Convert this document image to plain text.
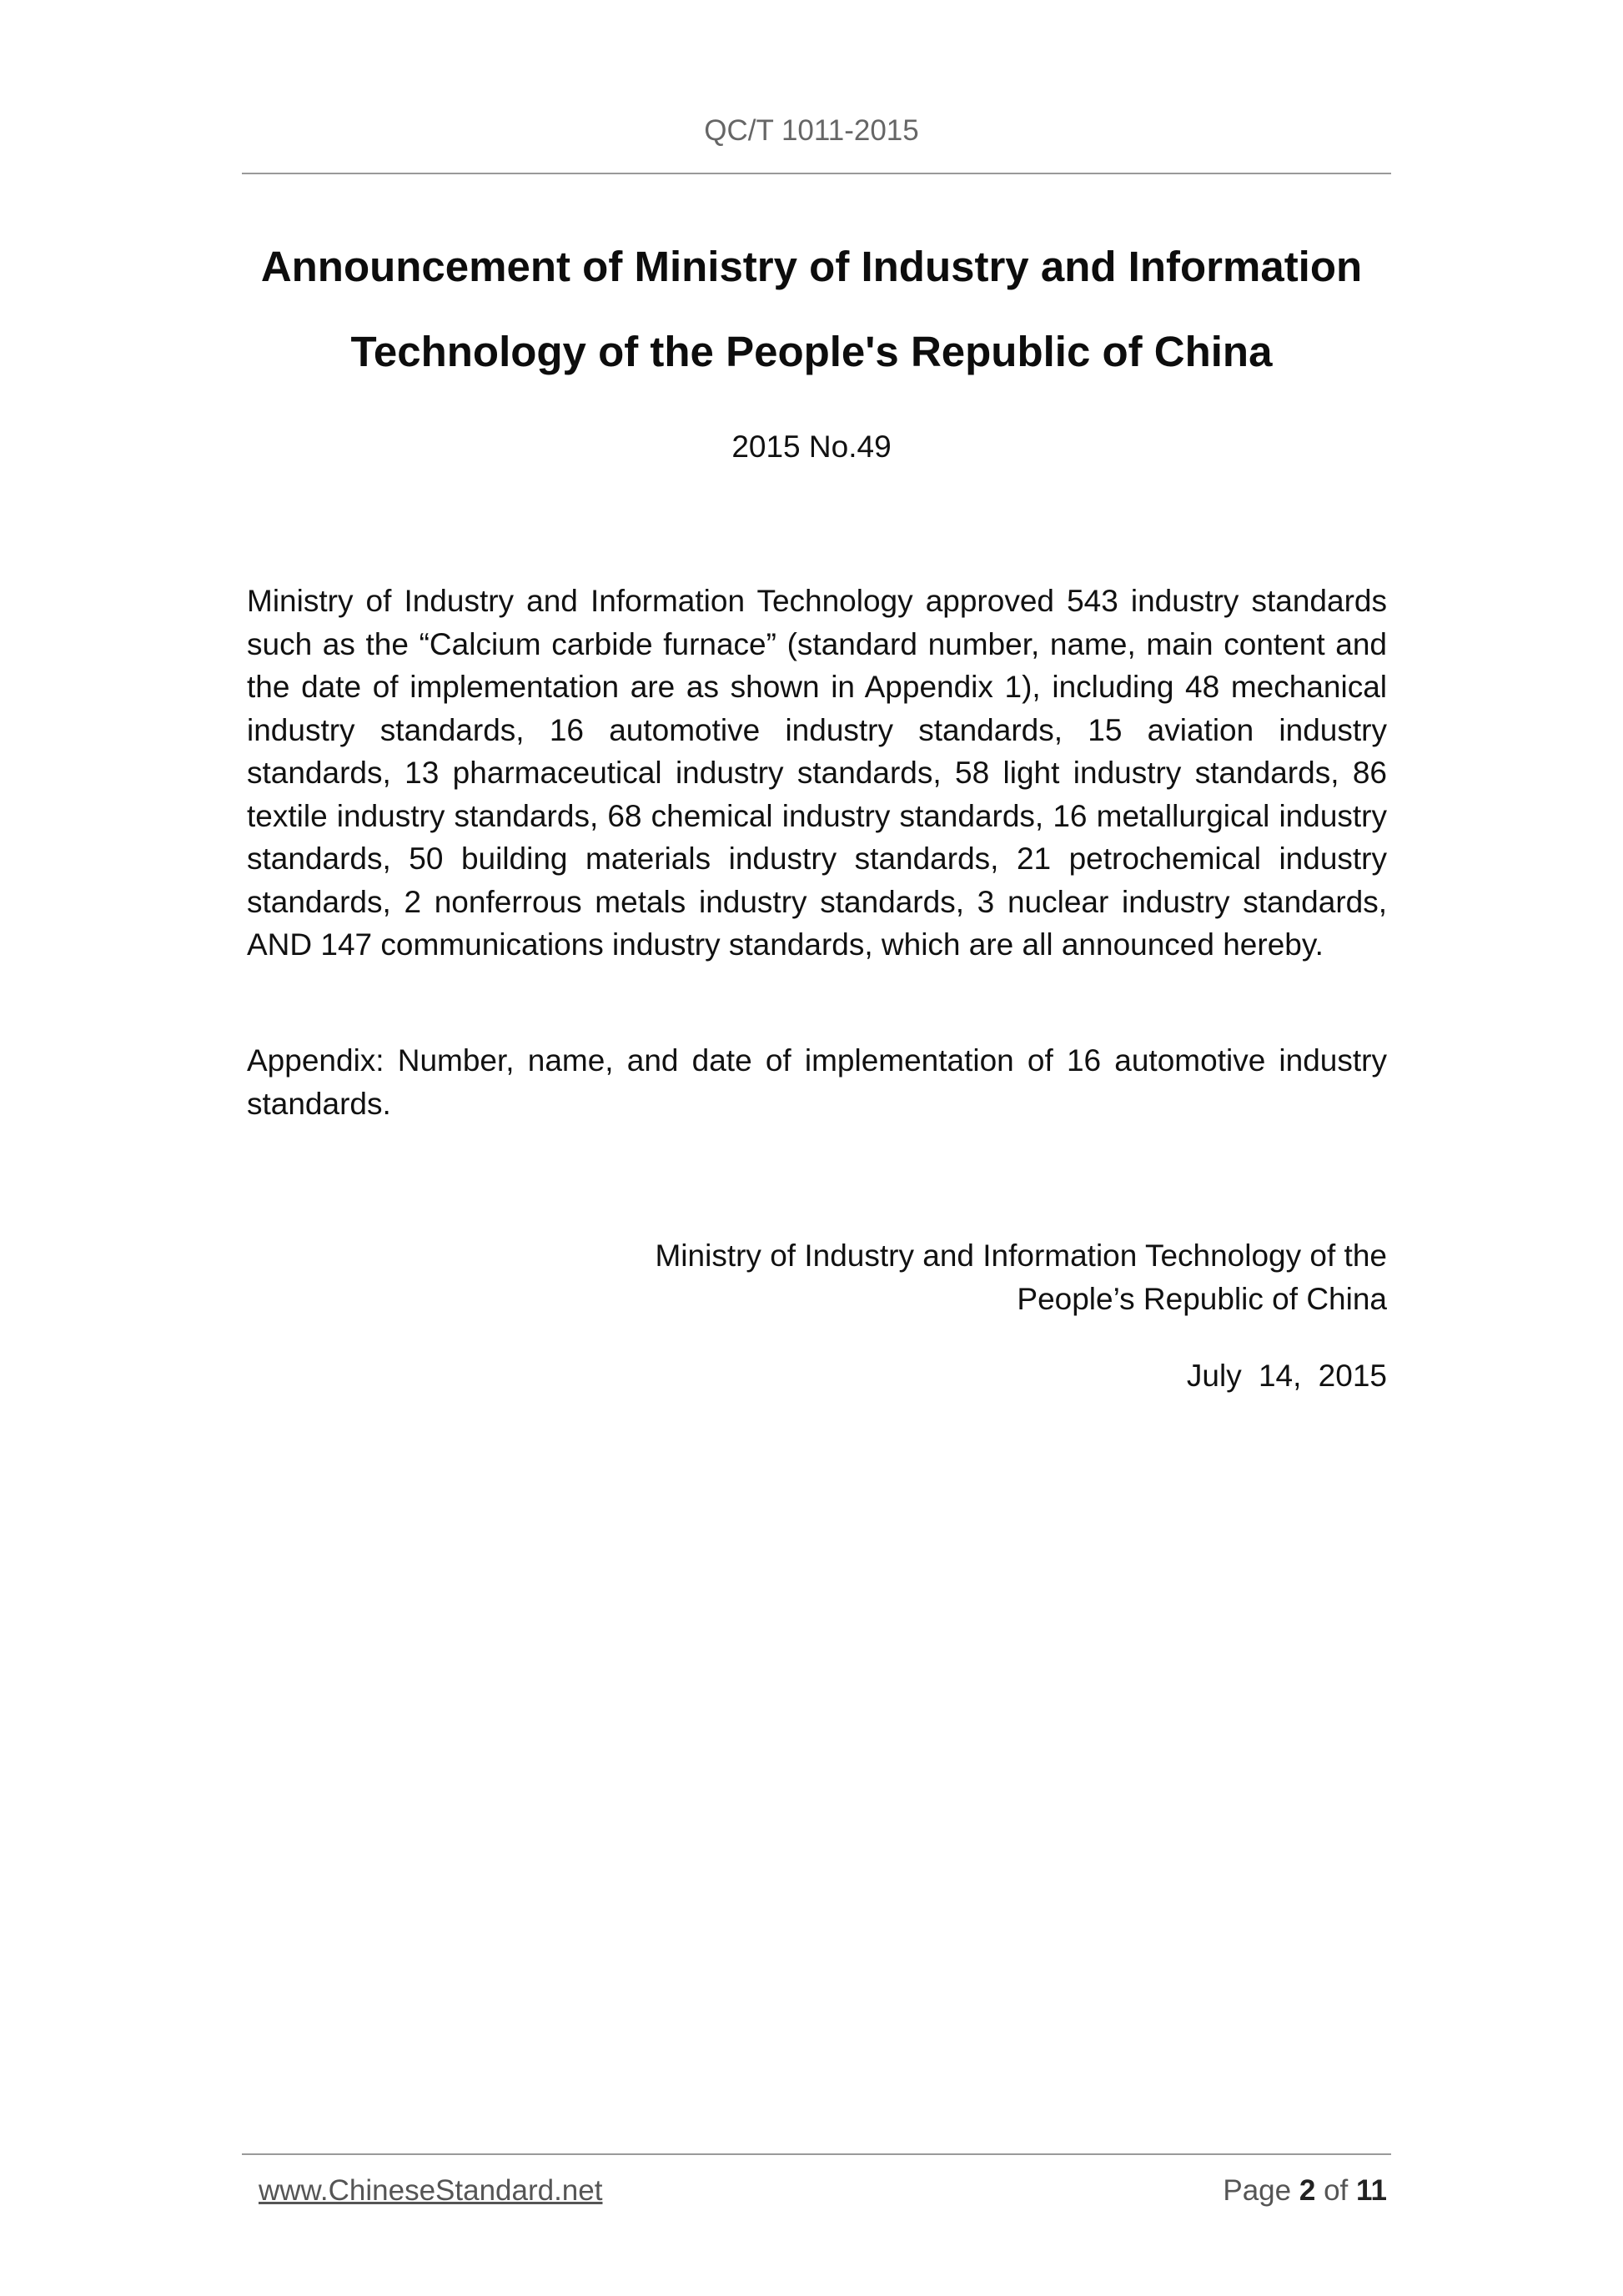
QC/T 1011-2015
Announcement of Ministry of Industry and Information
Technology of the People's Republic of China
2015 No.49
Ministry of Industry and Information Technology approved 543 industry standards such as the “Calcium carbide furnace” (standard number, name, main content and the date of implementation are as shown in Appendix 1), including 48 mechanical industry standards, 16 automotive industry standards, 15 aviation industry standards, 13 pharmaceutical industry standards, 58 light industry standards, 86 textile industry standards, 68 chemical industry standards, 16 metallurgical industry standards, 50 building materials industry standards, 21 petrochemical industry standards, 2 nonferrous metals industry standards, 3 nuclear industry standards, AND 147 communications industry standards, which are all announced hereby.
Appendix: Number, name, and date of implementation of 16 automotive industry standards.
Ministry of Industry and Information Technology of the
People’s Republic of China
July 14, 2015
www.ChineseStandard.net	Page 2 of 11
